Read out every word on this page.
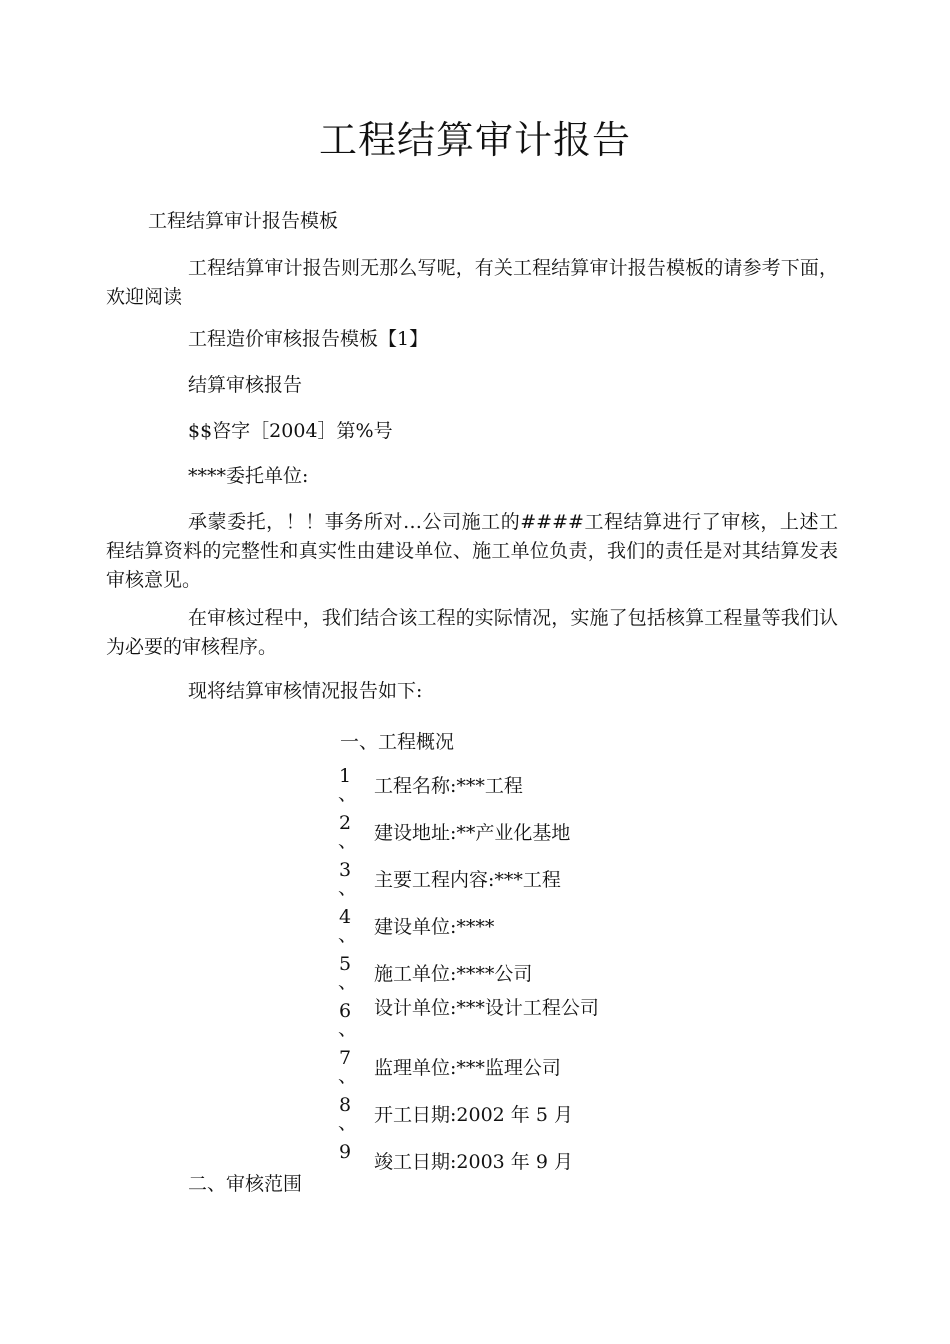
工程结算审计报告
工程结算审计报告模板
工程结算审计报告则无那么写呢，有关工程结算审计报告模板的请参考下面，欢迎阅读
工程造价审核报告模板【1】
结算审核报告
$$咨字［2004］第%号
****委托单位:
承蒙委托，！！事务所对…公司施工的####工程结算进行了审核，上述工程结算资料的完整性和真实性由建设单位、施工单位负责，我们的责任是对其结算发表审核意见。
在审核过程中，我们结合该工程的实际情况，实施了包括核算工程量等我们认为必要的审核程序。
现将结算审核情况报告如下:
一、工程概况
1
、 工程名称:***工程
2
、 建设地址:**产业化基地
3
、 主要工程内容:***工程
4
、 建设单位:****
5
、 施工单位:****公司
6
、
设计单位:***设计工程公司
7
、 监理单位:***监理公司
8
、 开工日期:2002 年 5 月
9 竣工日期:2003 年 9 月
二、审核范围
